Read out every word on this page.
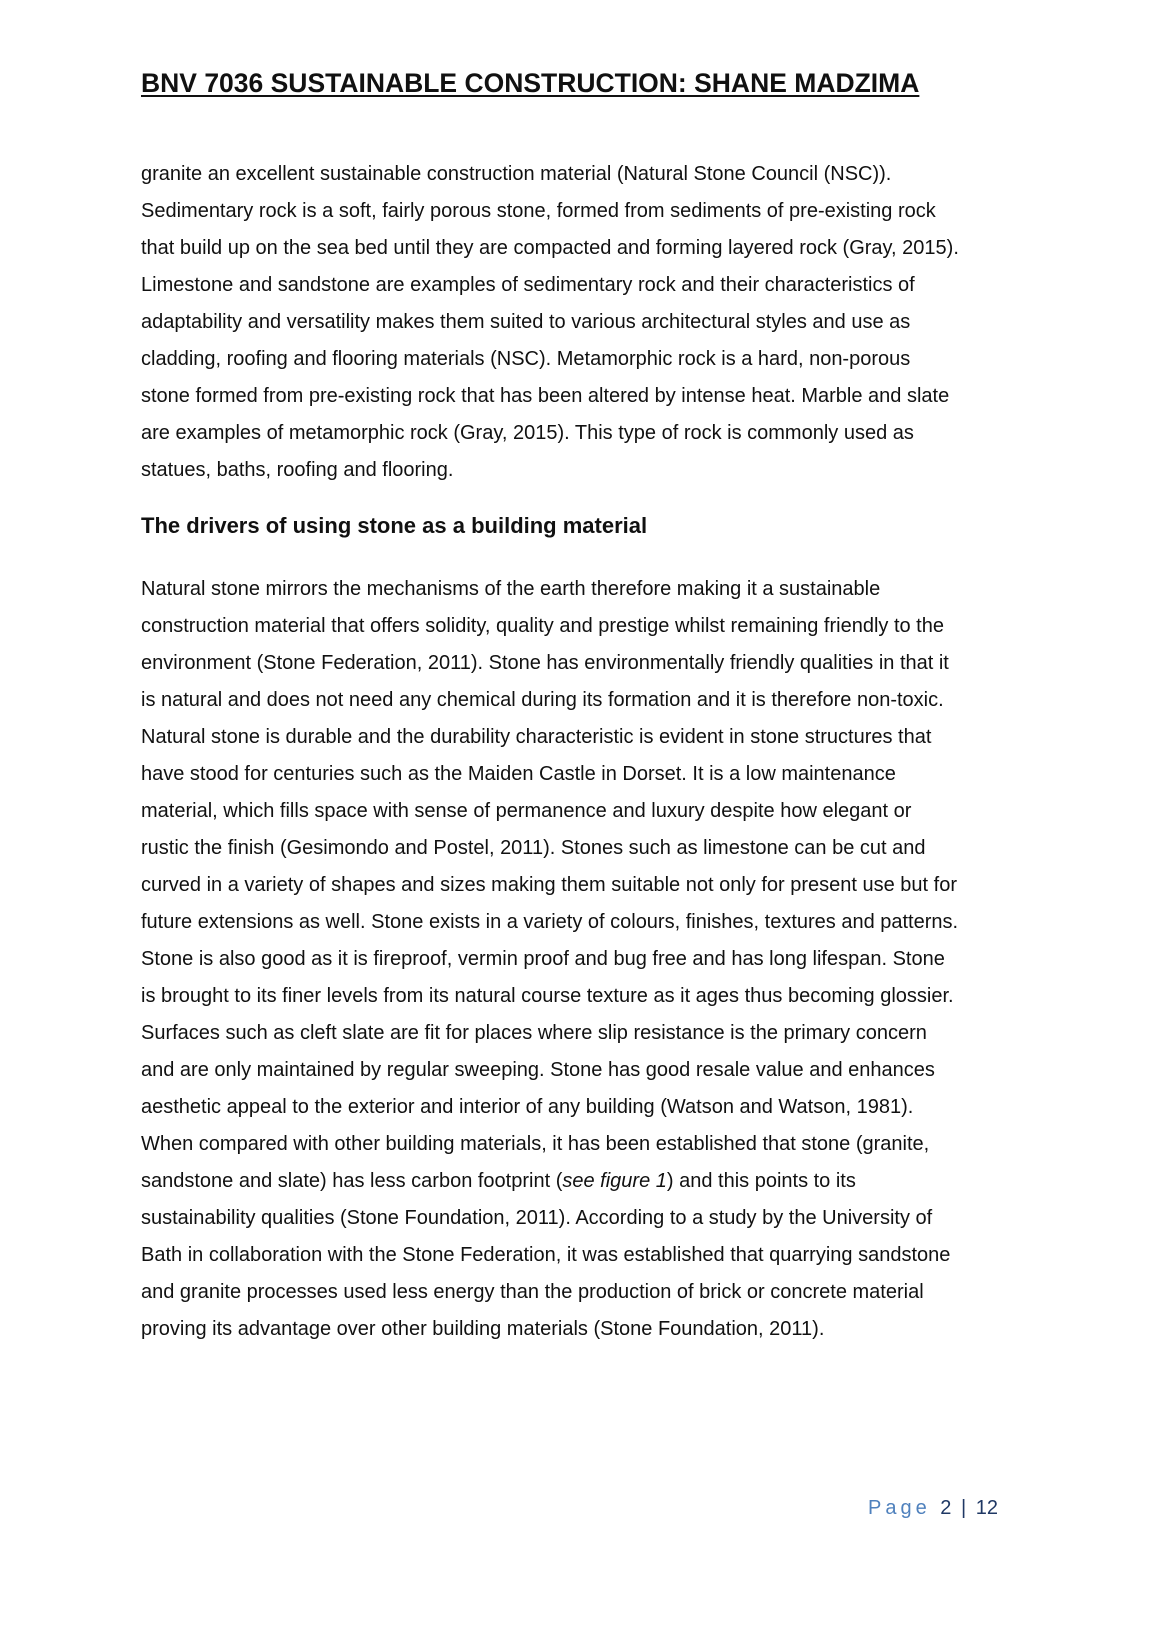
BNV 7036 SUSTAINABLE CONSTRUCTION: SHANE MADZIMA
granite an excellent sustainable construction material (Natural Stone Council (NSC)).
Sedimentary rock is a soft, fairly porous stone, formed from sediments of pre-existing rock
that build up on the sea bed until they are compacted and forming layered rock (Gray, 2015).
Limestone and sandstone are examples of sedimentary rock and their characteristics of
adaptability and versatility makes them suited to various architectural styles and use as
cladding, roofing and flooring materials (NSC). Metamorphic rock is a hard, non-porous
stone formed from pre-existing rock that has been altered by intense heat. Marble and slate
are examples of metamorphic rock (Gray, 2015). This type of rock is commonly used as
statues, baths, roofing and flooring.
The drivers of using stone as a building material
Natural stone mirrors the mechanisms of the earth therefore making it a sustainable
construction material that offers solidity, quality and prestige whilst remaining friendly to the
environment (Stone Federation, 2011). Stone has environmentally friendly qualities in that it
is natural and does not need any chemical during its formation and it is therefore non-toxic.
Natural stone is durable and the durability characteristic is evident in stone structures that
have stood for centuries such as the Maiden Castle in Dorset. It is a low maintenance
material, which fills space with sense of permanence and luxury despite how elegant or
rustic the finish (Gesimondo and Postel, 2011). Stones such as limestone can be cut and
curved in a variety of shapes and sizes making them suitable not only for present use but for
future extensions as well. Stone exists in a variety of colours, finishes, textures and patterns.
Stone is also good as it is fireproof, vermin proof and bug free and has long lifespan. Stone
is brought to its finer levels from its natural course texture as it ages thus becoming glossier.
Surfaces such as cleft slate are fit for places where slip resistance is the primary concern
and are only maintained by regular sweeping. Stone has good resale value and enhances
aesthetic appeal to the exterior and interior of any building (Watson and Watson, 1981).
When compared with other building materials, it has been established that stone (granite,
sandstone and slate) has less carbon footprint (see figure 1) and this points to its
sustainability qualities (Stone Foundation, 2011). According to a study by the University of
Bath in collaboration with the Stone Federation, it was established that quarrying sandstone
and granite processes used less energy than the production of brick or concrete material
proving its advantage over other building materials (Stone Foundation, 2011).
Page 2 | 12
